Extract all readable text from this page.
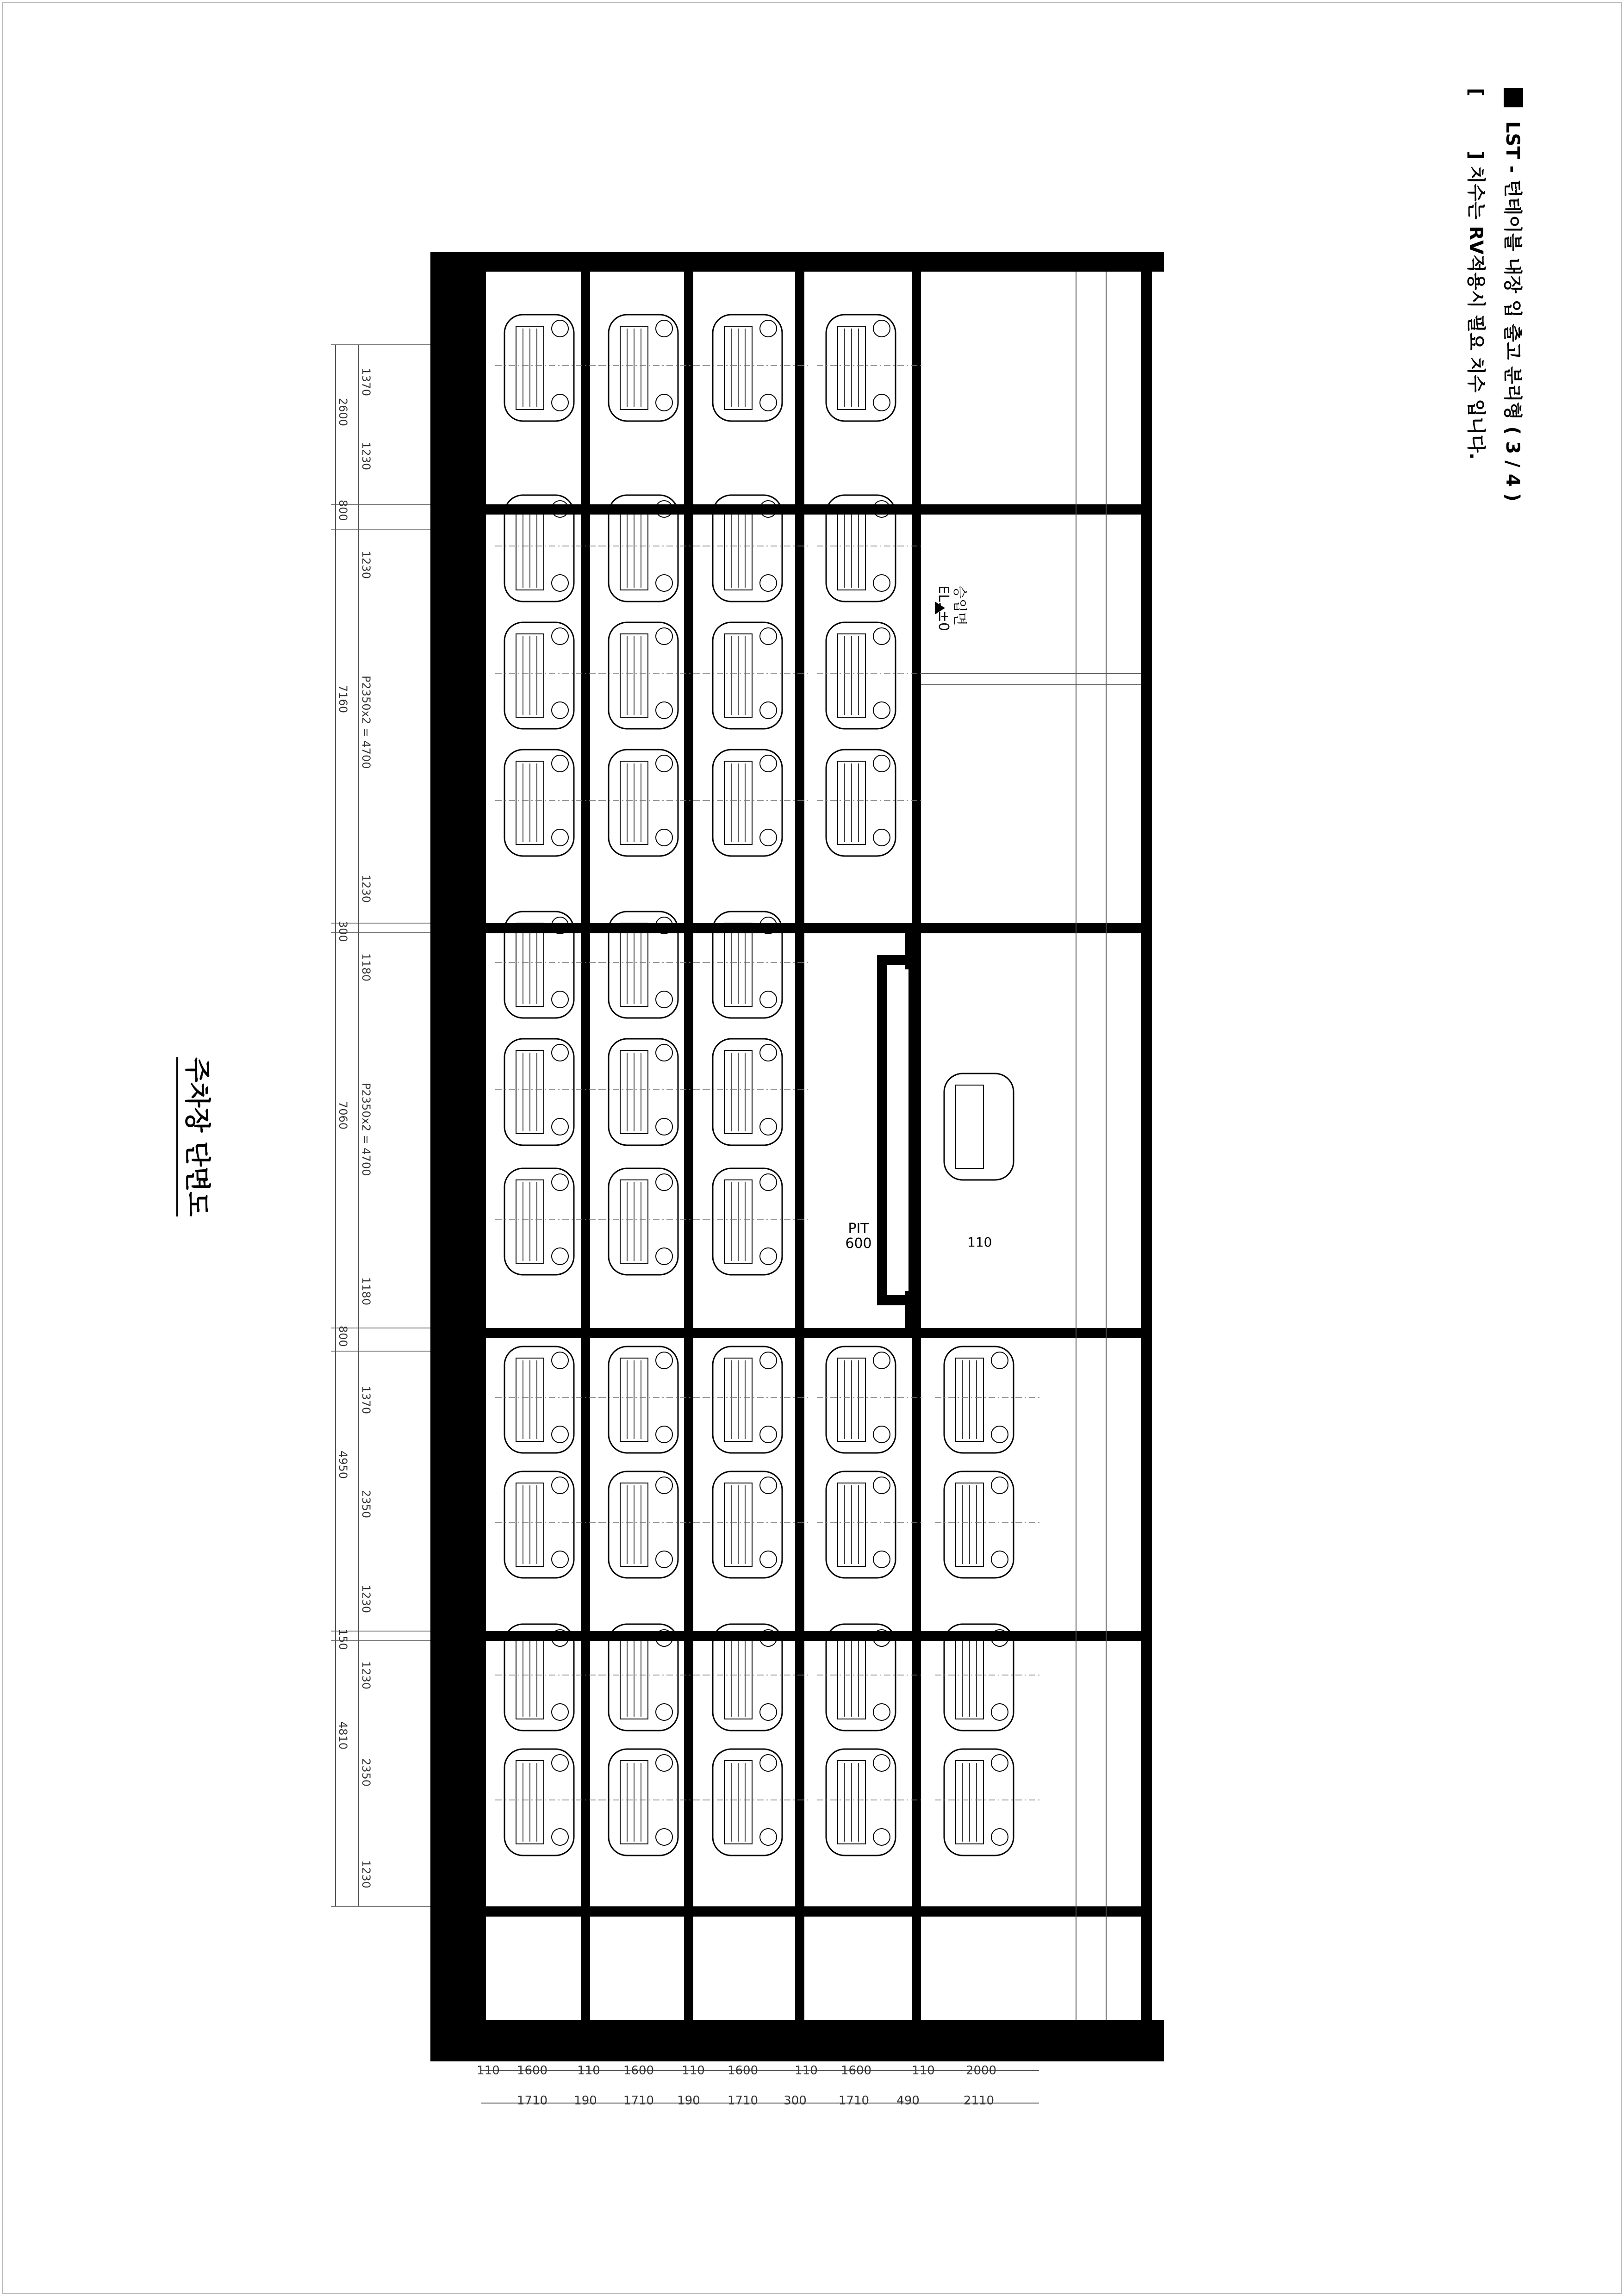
LST - 턴테이블 내장 입 출고 분리형 ( 3 / 4 )
[  ] 치수는 RV적용시 필요 치수 입니다.
주차장 단면도
승입면
EL. ±0
PIT
600	110
2600
7160
7060
4950
4810
800
300
800
150
1370
1230
1230
P2350x2 = 4700
1230
1180
P2350x2 = 4700
1180
1370
2350
1230
1230
2350
1230
110 1600 110 1600 110 1600	110 1600	110	2000
1710 190 1710 190 1710 300	1710 490	2110
